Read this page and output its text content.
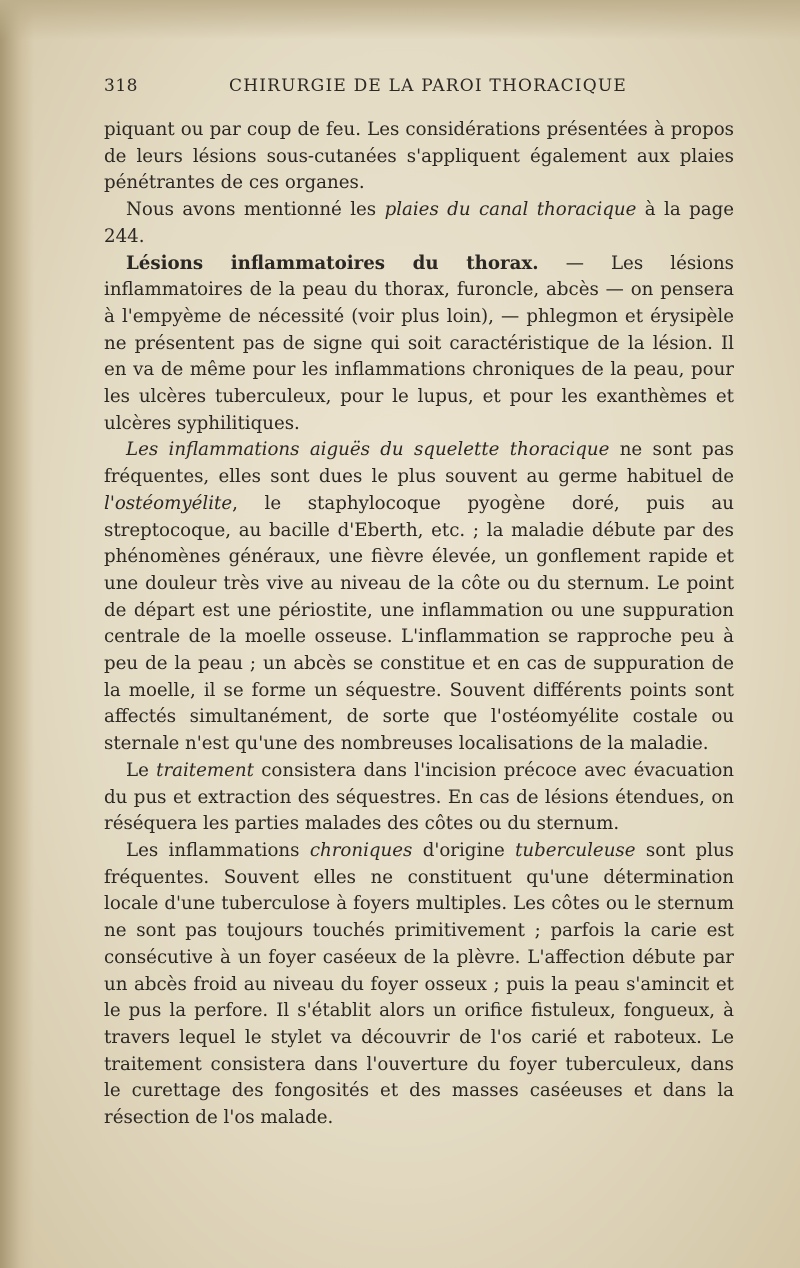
318	CHIRURGIE DE LA PAROI THORACIQUE

piquant ou par coup de feu. Les considérations présentées à propos de leurs lésions sous-cutanées s'appliquent également aux plaies pénétrantes de ces organes.

Nous avons mentionné les plaies du canal thoracique à la page 244.

Lésions inflammatoires du thorax. — Les lésions inflammatoires de la peau du thorax, furoncle, abcès — on pensera à l'empyème de nécessité (voir plus loin), — phlegmon et érysipèle ne présentent pas de signe qui soit caractéristique de la lésion. Il en va de même pour les inflammations chroniques de la peau, pour les ulcères tuberculeux, pour le lupus, et pour les exanthèmes et ulcères syphilitiques.

Les inflammations aiguës du squelette thoracique ne sont pas fréquentes, elles sont dues le plus souvent au germe habituel de l'ostéomyélite, le staphylocoque pyogène doré, puis au streptocoque, au bacille d'Eberth, etc. ; la maladie débute par des phénomènes généraux, une fièvre élevée, un gonflement rapide et une douleur très vive au niveau de la côte ou du sternum. Le point de départ est une périostite, une inflammation ou une suppuration centrale de la moelle osseuse. L'inflammation se rapproche peu à peu de la peau ; un abcès se constitue et en cas de suppuration de la moelle, il se forme un séquestre. Souvent différents points sont affectés simultanément, de sorte que l'ostéomyélite costale ou sternale n'est qu'une des nombreuses localisations de la maladie.

Le traitement consistera dans l'incision précoce avec évacuation du pus et extraction des séquestres. En cas de lésions étendues, on réséquera les parties malades des côtes ou du sternum.

Les inflammations chroniques d'origine tuberculeuse sont plus fréquentes. Souvent elles ne constituent qu'une détermination locale d'une tuberculose à foyers multiples. Les côtes ou le sternum ne sont pas toujours touchés primitivement ; parfois la carie est consécutive à un foyer caséeux de la plèvre. L'affection débute par un abcès froid au niveau du foyer osseux ; puis la peau s'amincit et le pus la perfore. Il s'établit alors un orifice fistuleux, fongueux, à travers lequel le stylet va découvrir de l'os carié et raboteux. Le traitement consistera dans l'ouverture du foyer tuberculeux, dans le curettage des fongosités et des masses caséeuses et dans la résection de l'os malade.
